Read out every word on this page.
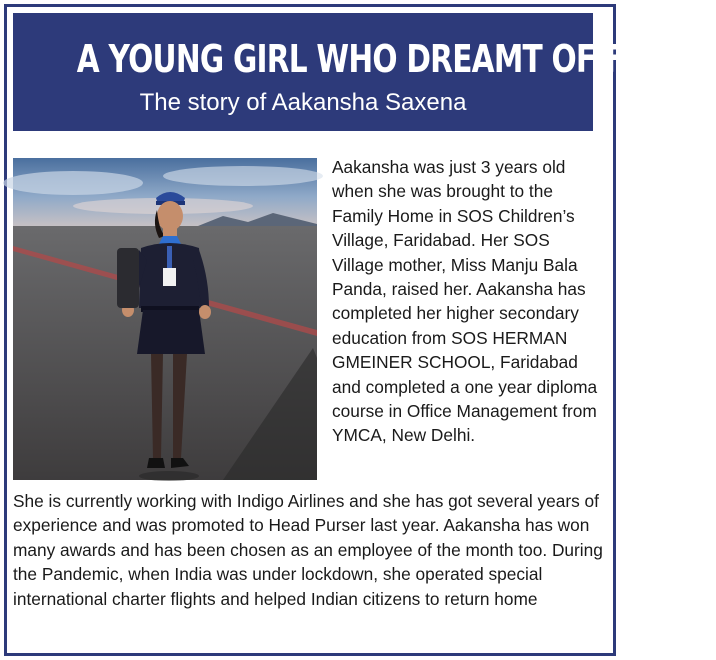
A YOUNG GIRL WHO DREAMT OF FLYING

The story of Aakansha Saxena

Aakansha was just 3 years old when she was brought to the Family Home in SOS Children’s Village, Faridabad. Her SOS Village mother, Miss Manju Bala Panda, raised her. Aakansha has completed her higher secondary education from SOS HERMAN GMEINER SCHOOL, Faridabad and completed a one year diploma course in Office Management from YMCA, New Delhi.

She is currently working with Indigo Airlines and she has got several years of experience and was promoted to Head Purser last year. Aakansha has won many awards and has been chosen as an employee of the month too. During the Pandemic, when India was under lockdown, she operated special international charter flights and helped Indian citizens to return home
